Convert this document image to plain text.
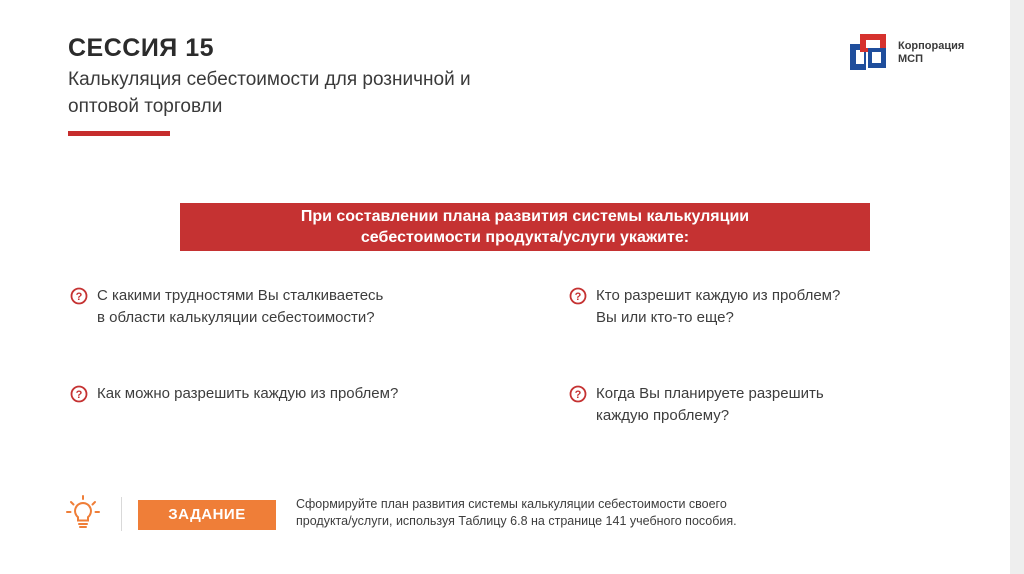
СЕССИЯ 15
Калькуляция себестоимости для розничной и
оптовой торговли
Корпорация
МСП
При составлении плана развития системы калькуляции
себестоимости продукта/услуги укажите:
? С какими трудностями Вы сталкиваетесь
в области калькуляции себестоимости?
? Кто разрешит каждую из проблем?
Вы или кто-то еще?
? Как можно разрешить каждую из проблем?	? Когда Вы планируете разрешить
каждую проблему?
ЗАДАНИЕ
Сформируйте план развития системы калькуляции себестоимости своего
продукта/услуги, используя Таблицу 6.8 на странице 141 учебного пособия.
